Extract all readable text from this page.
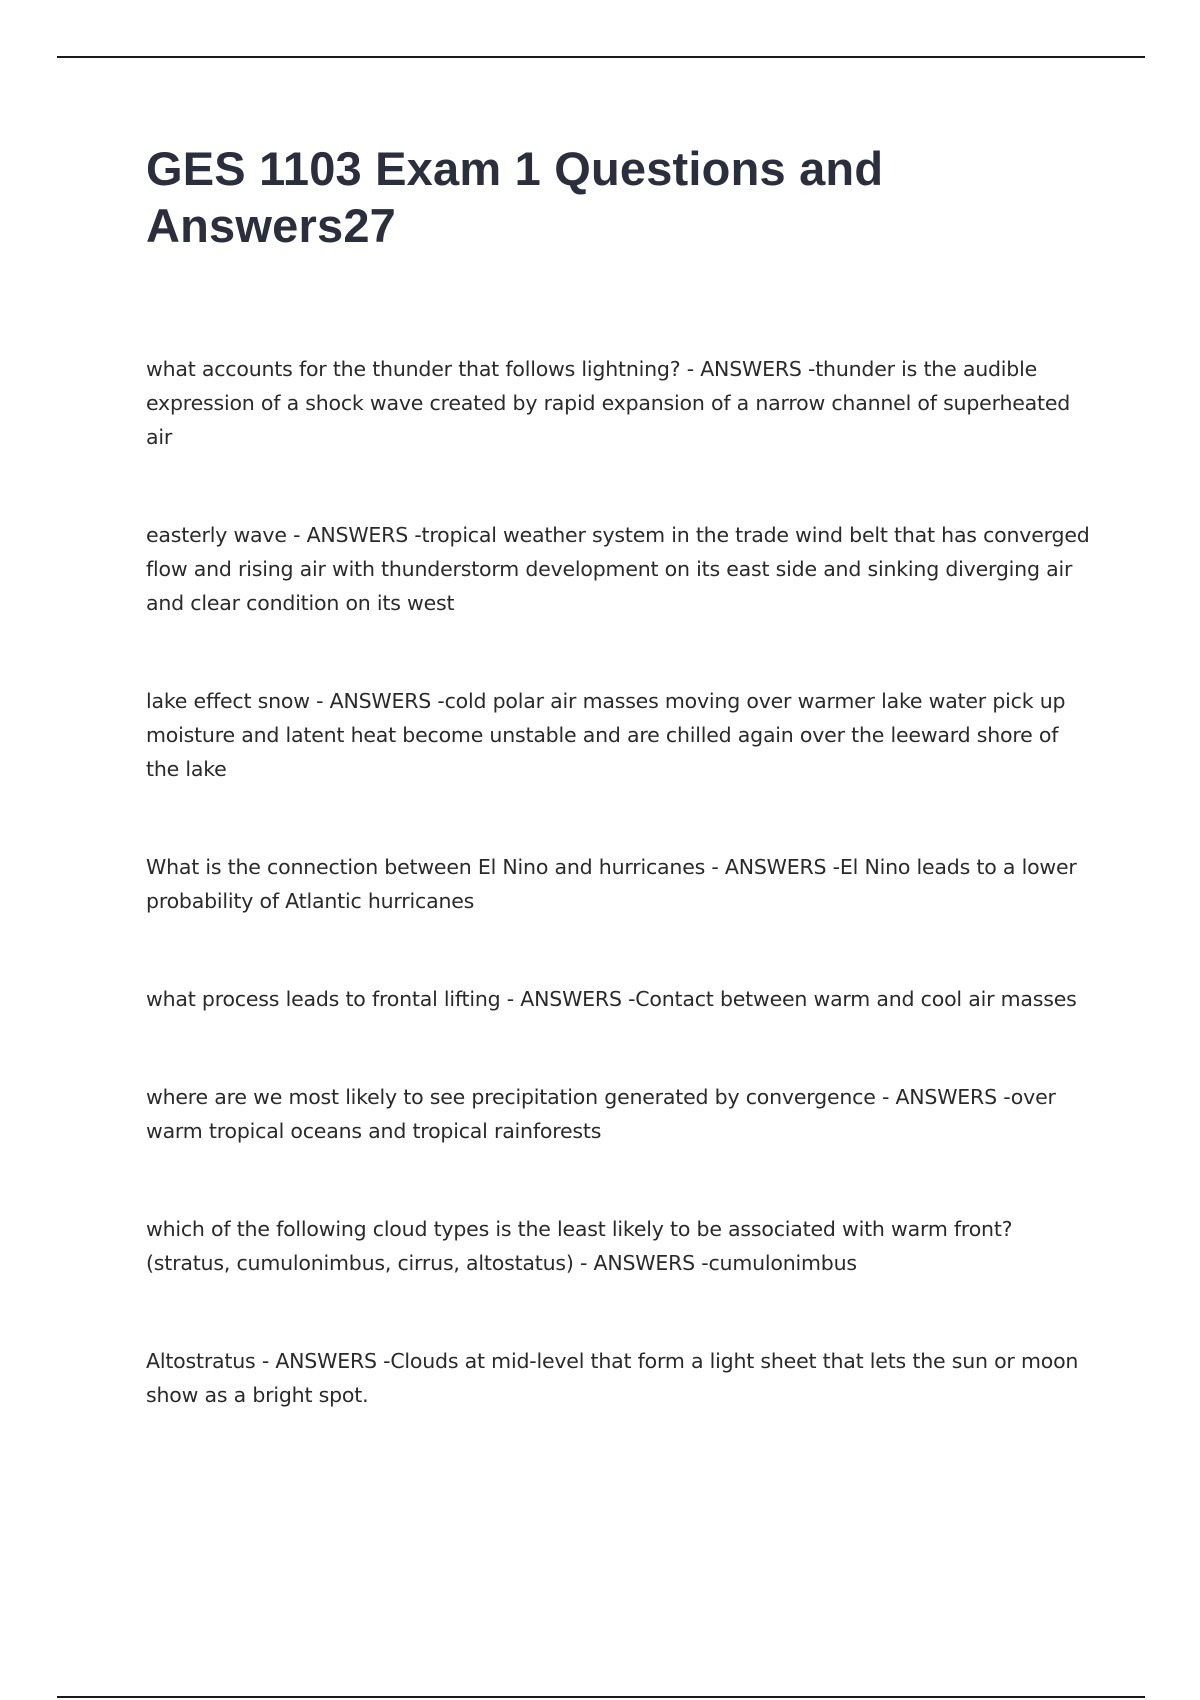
GES 1103 Exam 1 Questions and Answers27

what accounts for the thunder that follows lightning? - ANSWERS -thunder is the audible expression of a shock wave created by rapid expansion of a narrow channel of superheated air

easterly wave - ANSWERS -tropical weather system in the trade wind belt that has converged flow and rising air with thunderstorm development on its east side and sinking diverging air and clear condition on its west

lake effect snow - ANSWERS -cold polar air masses moving over warmer lake water pick up moisture and latent heat become unstable and are chilled again over the leeward shore of the lake

What is the connection between El Nino and hurricanes - ANSWERS -El Nino leads to a lower probability of Atlantic hurricanes

what process leads to frontal lifting - ANSWERS -Contact between warm and cool air masses

where are we most likely to see precipitation generated by convergence - ANSWERS -over warm tropical oceans and tropical rainforests

which of the following cloud types is the least likely to be associated with warm front? (stratus, cumulonimbus, cirrus, altostatus) - ANSWERS -cumulonimbus

Altostratus - ANSWERS -Clouds at mid-level that form a light sheet that lets the sun or moon show as a bright spot.
